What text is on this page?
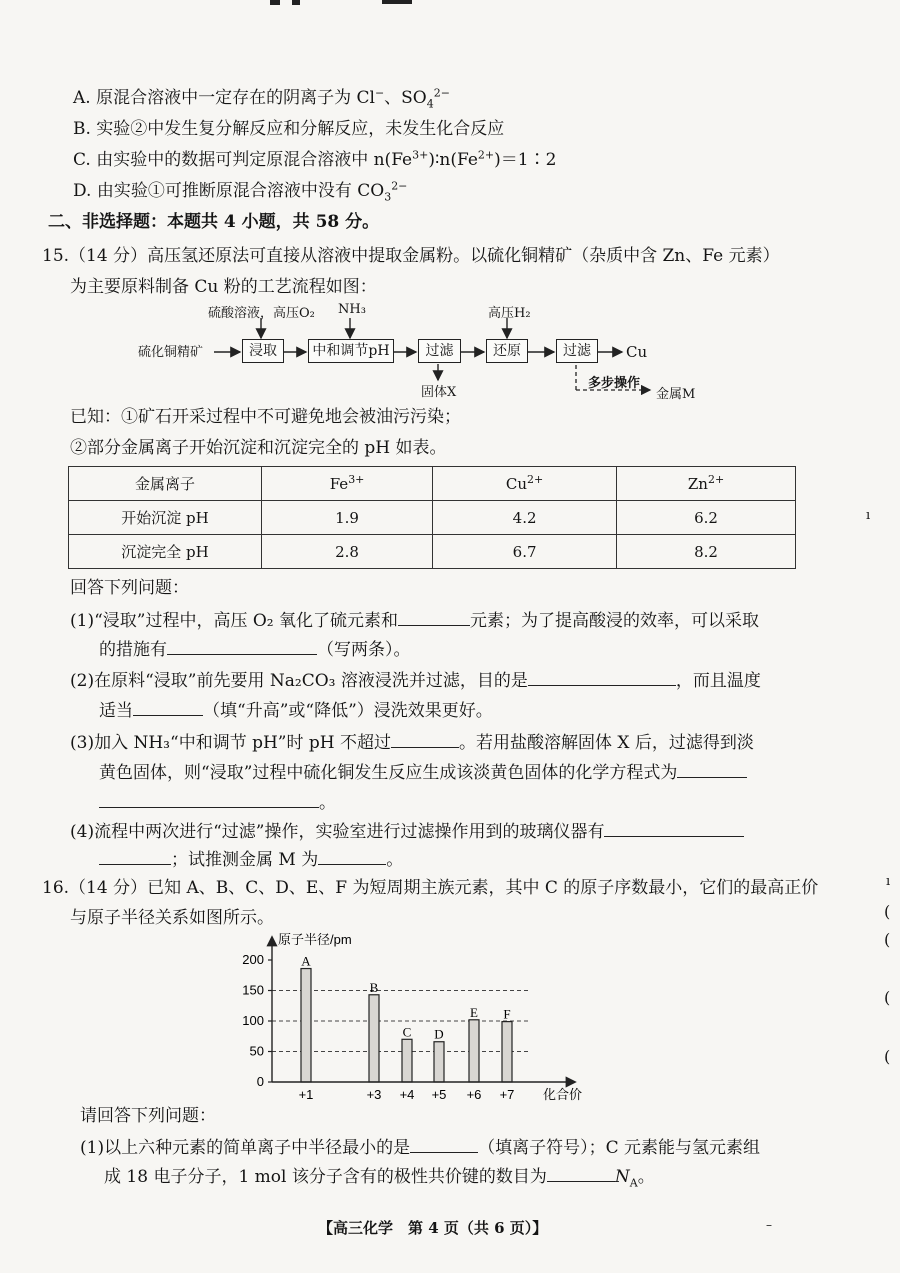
A. 原混合溶液中一定存在的阴离子为 Cl−、$SO_4^{2-}$
B. 实验②中发生复分解反应和分解反应，未发生化合反应
C. 由实验中的数据可判定原混合溶液中 $n(Fe^{3+})∶n(Fe^{2+})=1∶2$
D. 由实验①可推断原混合溶液中没有 $CO_3^{2-}$
二、非选择题：本题共 4 小题，共 58 分。
15.（14 分）高压氢还原法可直接从溶液中提取金属粉。以硫化铜精矿（杂质中含 Zn、Fe 元素）
为主要原料制备 Cu 粉的工艺流程如图：
硫化铜精矿
硫酸溶液，高压O₂ NH₃	高压H₂
浸取	中和调节pH	过滤	还原	过滤	Cu
固体X
多步操作
金属M
已知：①矿石开采过程中不可避免地会被油污污染；
②部分金属离子开始沉淀和沉淀完全的 pH 如表。
金属离子	$Fe^{3+}$	$Cu^{2+}$	$Zn^{2+}$
开始沉淀 pH	1.9	4.2	6.2
沉淀完全 pH	2.8	6.7	8.2
回答下列问题：
(1)“浸取”过程中，高压 O₂ 氧化了硫元素和	元素；为了提高酸浸的效率，可以采取
的措施有	（写两条）。
(2)在原料“浸取”前先要用 Na₂CO₃ 溶液浸洗并过滤，目的是	，而且温度
适当	（填“升高”或“降低”）浸洗效果更好。
(3)加入 NH₃“中和调节 pH”时 pH 不超过	。若用盐酸溶解固体 X 后，过滤得到淡
黄色固体，则“浸取”过程中硫化铜发生反应生成该淡黄色固体的化学方程式为
。
(4)流程中两次进行“过滤”操作，实验室进行过滤操作用到的玻璃仪器有
；试推测金属 M 为	。
16.（14 分）已知 A、B、C、D、E、F 为短周期主族元素，其中 C 的原子序数最小，它们的最高正价
与原子半径关系如图所示。
A
B
C D
E F
0
50
100
150
200
+1	+3 +4 +5 +6 +7
原子半径/pm
化合价
请回答下列问题：
(1)以上六种元素的简单离子中半径最小的是	（填离子符号）；C 元素能与氢元素组
成 18 电子分子，1 mol 该分子含有的极性共价键的数目为	$N_A$。
【高三化学　第 4 页（共 6 页）】
ı
ı
(
(
(
(
–
